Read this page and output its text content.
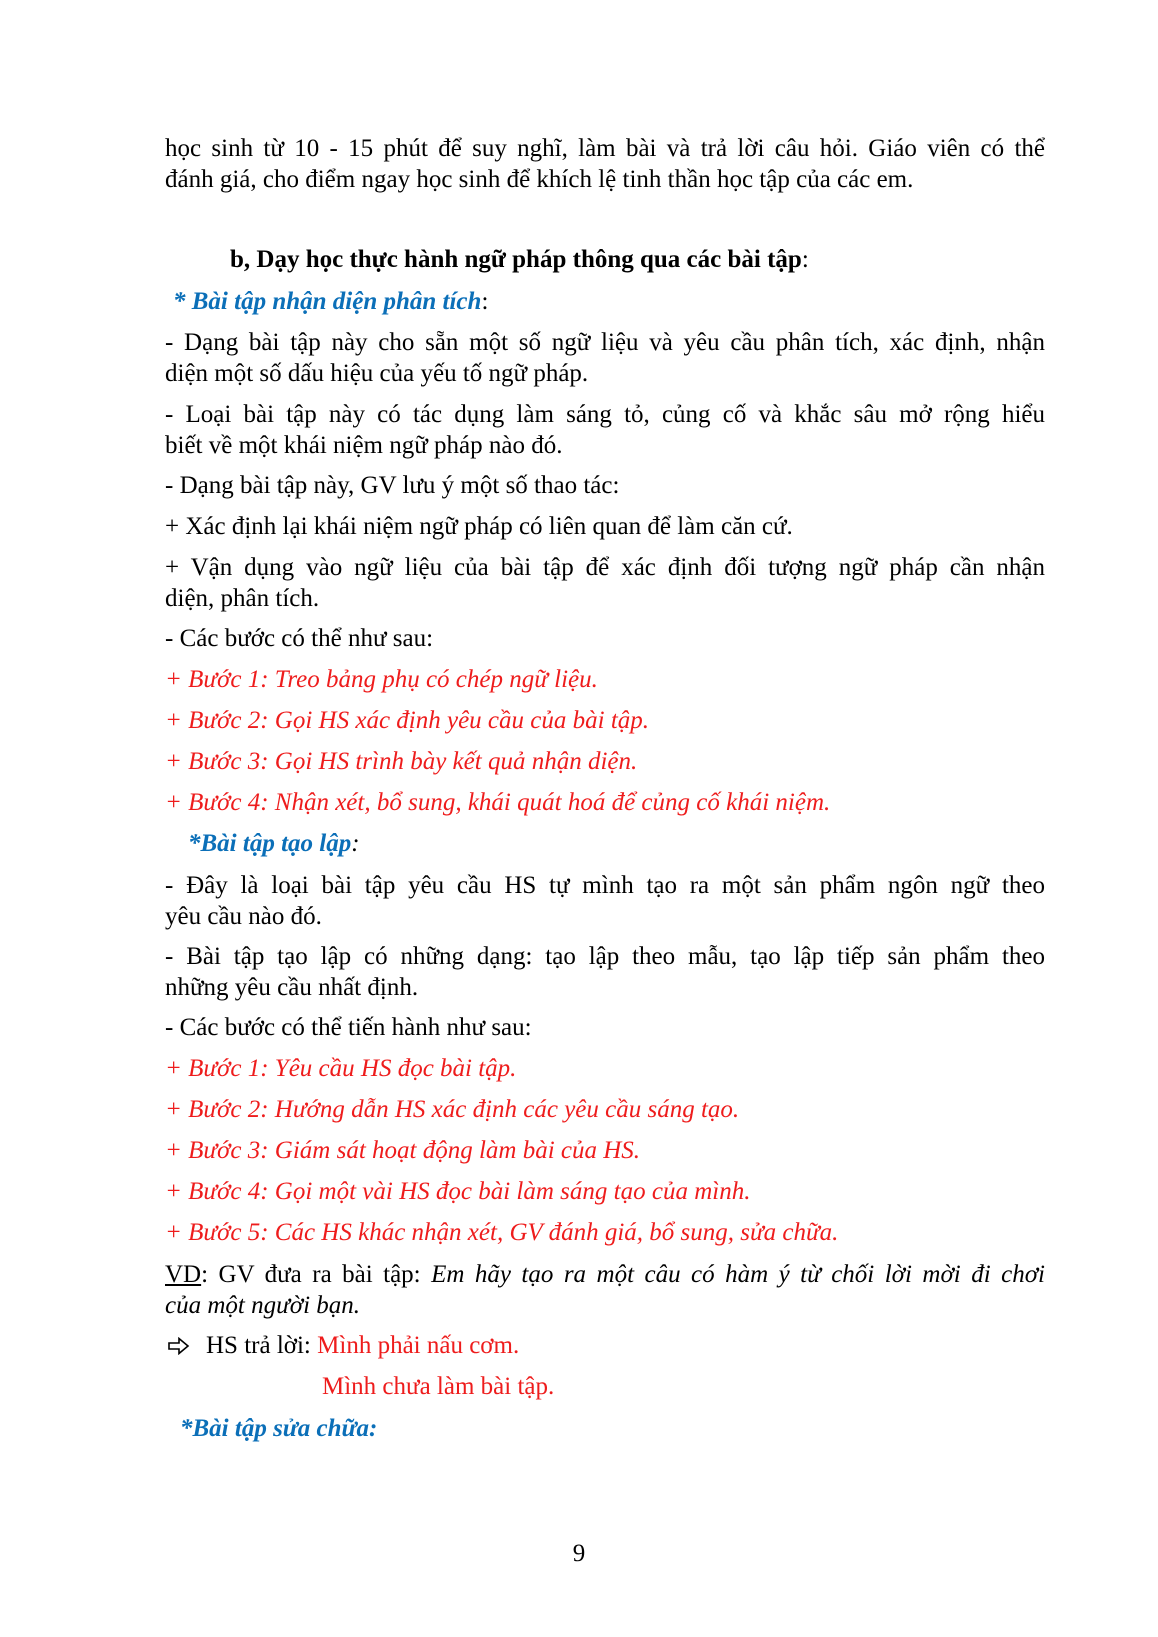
học sinh từ 10 - 15 phút để suy nghĩ, làm bài và trả lời câu hỏi. Giáo viên có thể

đánh giá, cho điểm ngay học sinh để khích lệ tinh thần học tập của các em.

b, Dạy học thực hành ngữ pháp thông qua các bài tập:

* Bài tập nhận diện phân tích:

- Dạng bài tập này cho sẵn một số ngữ liệu và yêu cầu phân tích, xác định, nhận

diện một số dấu hiệu của yếu tố ngữ pháp.

- Loại bài tập này có tác dụng làm sáng tỏ, củng cố và khắc sâu mở rộng hiểu

biết về một khái niệm ngữ pháp nào đó.

- Dạng bài tập này, GV lưu ý một số thao tác:

+ Xác định lại khái niệm ngữ pháp có liên quan để làm căn cứ.

+ Vận dụng vào ngữ liệu của bài tập để xác định đối tượng ngữ pháp cần nhận

diện, phân tích.

- Các bước có thể như sau:

+ Bước 1: Treo bảng phụ có chép ngữ liệu.

+ Bước 2: Gọi HS xác định yêu cầu của bài tập.

+ Bước 3: Gọi HS trình bày kết quả nhận diện.

+ Bước 4: Nhận xét, bổ sung, khái quát hoá để củng cố khái niệm.

*Bài tập tạo lập:

- Đây là loại bài tập yêu cầu HS tự mình tạo ra một sản phẩm ngôn ngữ theo

yêu cầu nào đó.

- Bài tập tạo lập có những dạng: tạo lập theo mẫu, tạo lập tiếp sản phẩm theo

những yêu cầu nhất định.

- Các bước có thể tiến hành như sau:

+ Bước 1: Yêu cầu HS đọc bài tập.

+ Bước 2: Hướng dẫn HS xác định các yêu cầu sáng tạo.

+ Bước 3: Giám sát hoạt động làm bài của HS.

+ Bước 4: Gọi một vài HS đọc bài làm sáng tạo của mình.

+ Bước 5: Các HS khác nhận xét, GV đánh giá, bổ sung, sửa chữa.

VD: GV đưa ra bài tập: Em hãy tạo ra một câu có hàm ý từ chối lời mời đi chơi

của một người bạn.

HS trả lời: Mình phải nấu cơm.

Mình chưa làm bài tập.

*Bài tập sửa chữa:

9
